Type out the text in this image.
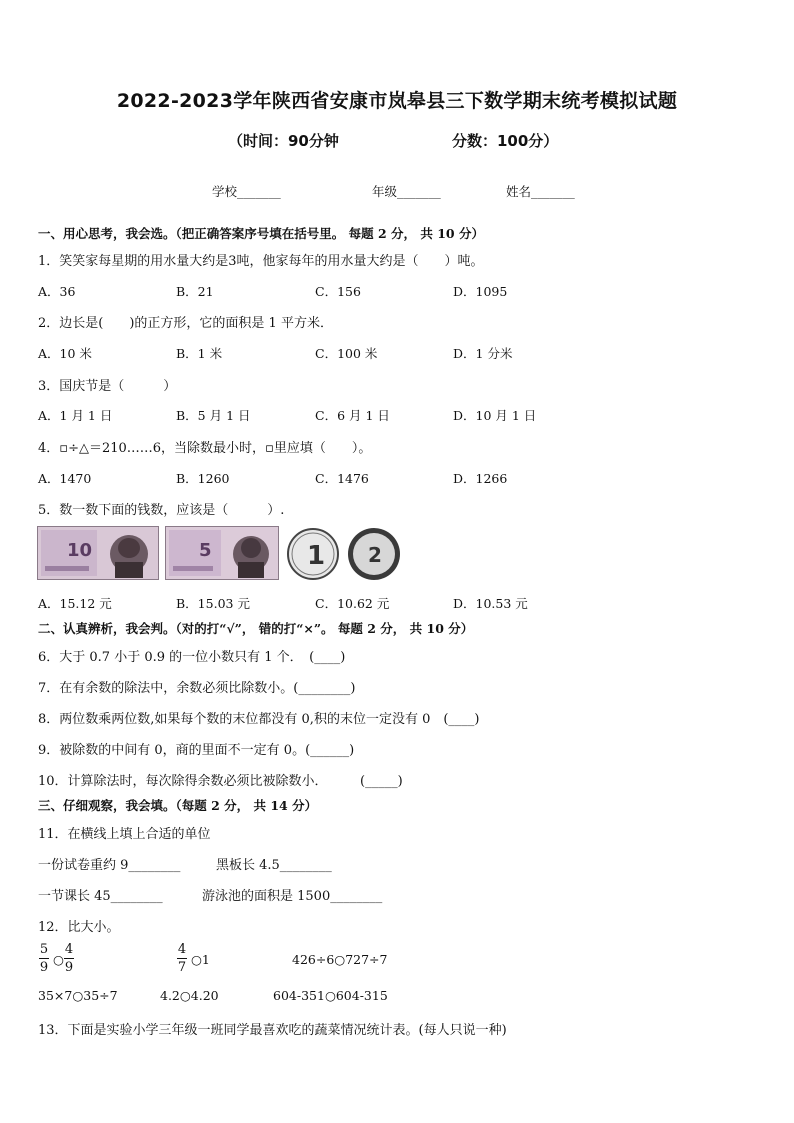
2022-2023学年陕西省安康市岚皋县三下数学期末统考模拟试题
（时间：90分钟	分数：100分）
学校_______	年级_______	姓名_______
一、用心思考，我会选。（把正确答案序号填在括号里。 每题 2 分， 共 10 分）
1．笑笑家每星期的用水量大约是3吨，他家每年的用水量大约是（　　）吨。
A．36	B．21	C．156	D．1095
2．边长是(　　)的正方形，它的面积是 1 平方米．
A．10 米	B．1 米	C．100 米	D．1 分米
3．国庆节是（　　　）
A．1 月 1 日	B．5 月 1 日	C．6 月 1 日	D．10 月 1 日
4．▫÷△＝210……6，当除数最小时，▫里应填（　　）。
A．1470	B．1260	C．1476	D．1266
5．数一数下面的钱数，应该是（　　　）.
10	5	1 2
A．15.12 元	B．15.03 元	C．10.62 元	D．10.53 元
二、认真辨析，我会判。（对的打“√”， 错的打“×”。 每题 2 分， 共 10 分）
6．大于 0.7 小于 0.9 的一位小数只有 1 个．　(____)
7．在有余数的除法中，余数必须比除数小。(________)
8．两位数乘两位数,如果每个数的末位都没有 0,积的末位一定没有 0　(____)
9．被除数的中间有 0，商的里面不一定有 0。(______)
10．计算除法时，每次除得余数必须比被除数小．　　　(_____)
三、仔细观察，我会填。（每题 2 分， 共 14 分）
11．在横线上填上合适的单位
一份试卷重约 9________	黑板长 4.5________
一节课长 45________	游泳池的面积是 1500________
12．比大小。
5
9
○
4
9
4
7
○1	426÷6○727÷7
35×7○35÷7	4.2○4.20	604-351○604-315
13．下面是实验小学三年级一班同学最喜欢吃的蔬菜情况统计表。(每人只说一种)
